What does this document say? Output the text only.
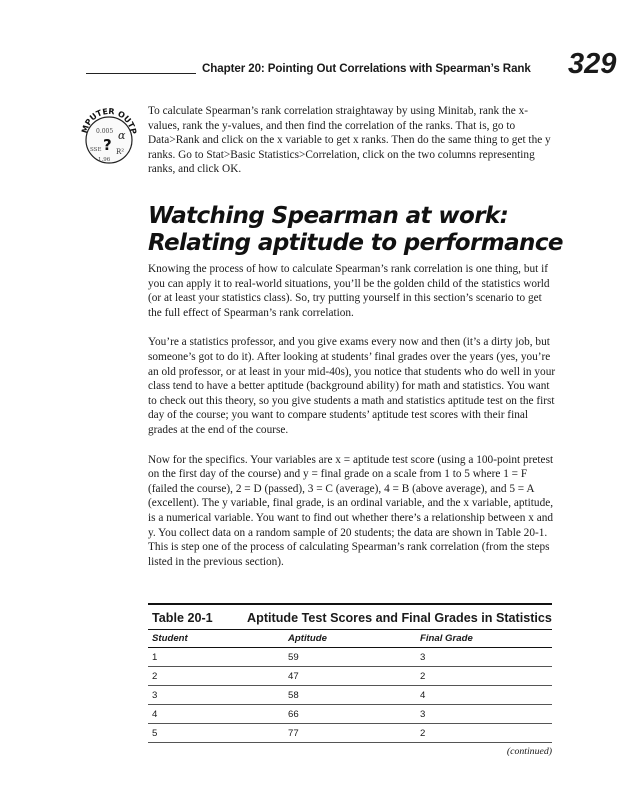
Chapter 20: Pointing Out Correlations with Spearman’s Rank 329
MPUTER OUTP
0.005 α
?
SSE R²
1.96
To calculate Spearman’s rank correlation straightaway by using Minitab, rank the x-values, rank the y-values, and then find the correlation of the ranks. That is, go to Data>Rank and click on the x variable to get x ranks. Then do the same thing to get the y ranks. Go to Stat>Basic Statistics>Correlation, click on the two columns representing ranks, and click OK.
Watching Spearman at work: Relating aptitude to performance

Knowing the process of how to calculate Spearman’s rank correlation is one thing, but if you can apply it to real-world situations, you’ll be the golden child of the statistics world (or at least your statistics class). So, try putting yourself in this section’s scenario to get the full effect of Spearman’s rank correlation.

You’re a statistics professor, and you give exams every now and then (it’s a dirty job, but someone’s got to do it). After looking at students’ final grades over the years (yes, you’re an old professor, or at least in your mid-40s), you notice that students who do well in your class tend to have a better aptitude (background ability) for math and statistics. You want to check out this theory, so you give students a math and statistics aptitude test on the first day of the course; you want to compare students’ aptitude test scores with their final grades at the end of the course.

Now for the specifics. Your variables are x = aptitude test score (using a 100-point pretest on the first day of the course) and y = final grade on a scale from 1 to 5 where 1 = F (failed the course), 2 = D (passed), 3 = C (average), 4 = B (above average), and 5 = A (excellent). The y variable, final grade, is an ordinal variable, and the x variable, aptitude, is a numerical variable. You want to find out whether there’s a relationship between x and y. You collect data on a random sample of 20 students; the data are shown in Table 20-1. This is step one of the process of calculating Spearman’s rank correlation (from the steps listed in the previous section).

Table 20-1	Aptitude Test Scores and Final Grades in Statistics
Student	Aptitude	Final Grade
1	59	3
2	47	2
3	58	4
4	66	3
5	77	2
(continued)
